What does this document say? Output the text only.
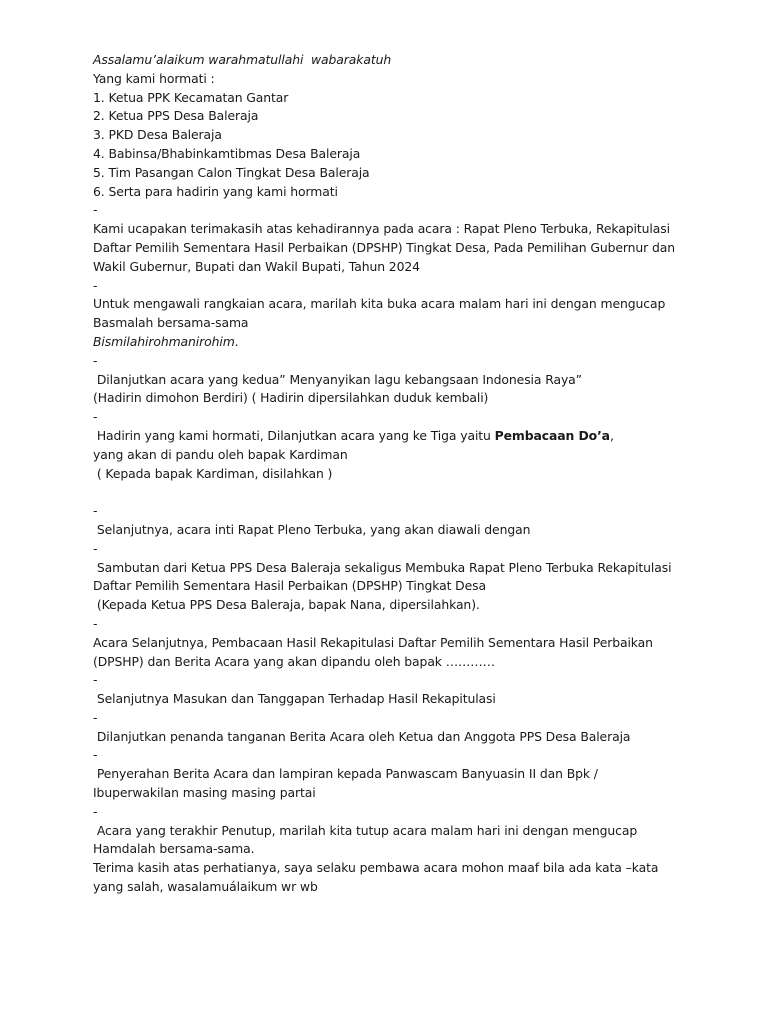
Assalamu’alaikum warahmatullahi  wabarakatuh
Yang kami hormati :
1. Ketua PPK Kecamatan Gantar
2. Ketua PPS Desa Baleraja
3. PKD Desa Baleraja
4. Babinsa/Bhabinkamtibmas Desa Baleraja
5. Tim Pasangan Calon Tingkat Desa Baleraja
6. Serta para hadirin yang kami hormati
-
Kami ucapakan terimakasih atas kehadirannya pada acara : Rapat Pleno Terbuka, Rekapitulasi Daftar Pemilih Sementara Hasil Perbaikan (DPSHP) Tingkat Desa, Pada Pemilihan Gubernur dan Wakil Gubernur, Bupati dan Wakil Bupati, Tahun 2024
-
Untuk mengawali rangkaian acara, marilah kita buka acara malam hari ini dengan mengucap Basmalah bersama-sama
Bismilahirohmanirohim.
-
Dilanjutkan acara yang kedua” Menyanyikan lagu kebangsaan Indonesia Raya”
(Hadirin dimohon Berdiri) ( Hadirin dipersilahkan duduk kembali)
-
Hadirin yang kami hormati, Dilanjutkan acara yang ke Tiga yaitu Pembacaan Do’a,
yang akan di pandu oleh bapak Kardiman
( Kepada bapak Kardiman, disilahkan )
-
Selanjutnya, acara inti Rapat Pleno Terbuka, yang akan diawali dengan
-
Sambutan dari Ketua PPS Desa Baleraja sekaligus Membuka Rapat Pleno Terbuka Rekapitulasi Daftar Pemilih Sementara Hasil Perbaikan (DPSHP) Tingkat Desa
(Kepada Ketua PPS Desa Baleraja, bapak Nana, dipersilahkan).
-
Acara Selanjutnya, Pembacaan Hasil Rekapitulasi Daftar Pemilih Sementara Hasil Perbaikan (DPSHP) dan Berita Acara yang akan dipandu oleh bapak …………
-
Selanjutnya Masukan dan Tanggapan Terhadap Hasil Rekapitulasi
-
Dilanjutkan penanda tanganan Berita Acara oleh Ketua dan Anggota PPS Desa Baleraja
-
Penyerahan Berita Acara dan lampiran kepada Panwascam Banyuasin II dan Bpk / Ibuperwakilan masing masing partai
-
Acara yang terakhir Penutup, marilah kita tutup acara malam hari ini dengan mengucap Hamdalah bersama-sama.
Terima kasih atas perhatianya, saya selaku pembawa acara mohon maaf bila ada kata –kata yang salah, wasalamuálaikum wr wb
